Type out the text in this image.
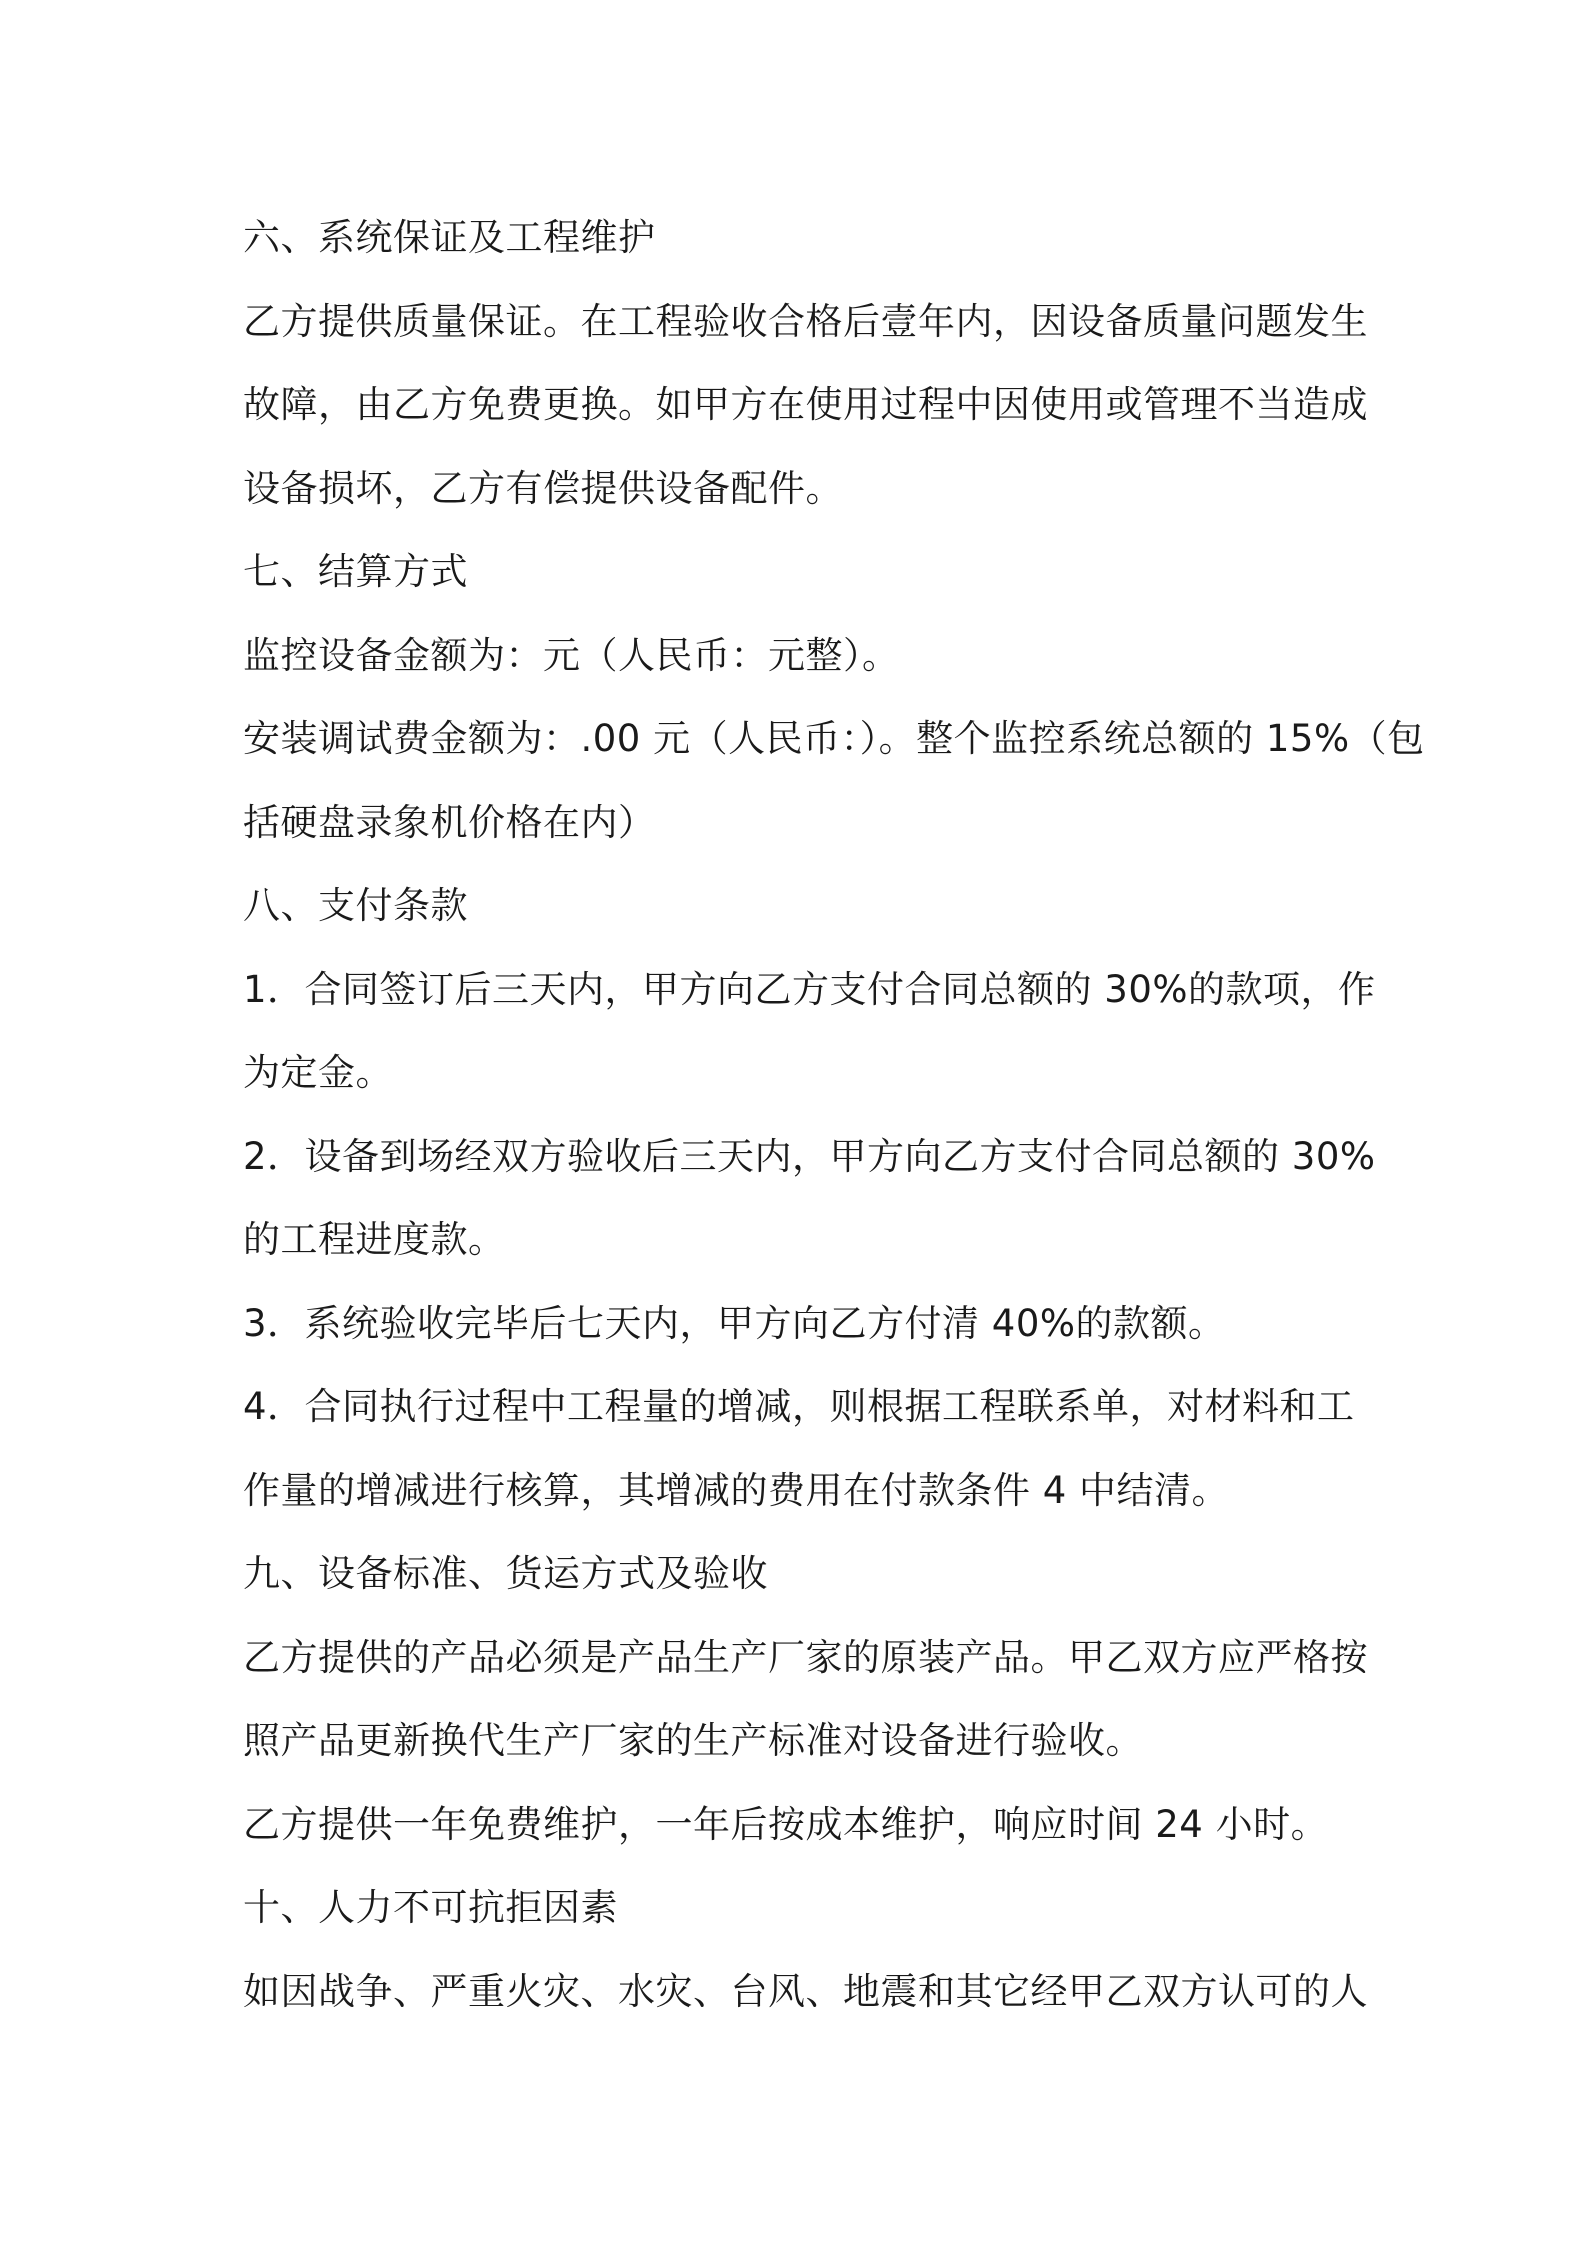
六、系统保证及工程维护
乙方提供质量保证。在工程验收合格后壹年内，因设备质量问题发生
故障，由乙方免费更换。如甲方在使用过程中因使用或管理不当造成
设备损坏，乙方有偿提供设备配件。
七、结算方式
监控设备金额为：元（人民币：元整）。
安装调试费金额为：.00 元（人民币：）。整个监控系统总额的 15%（包
括硬盘录象机价格在内）
八、支付条款
1．合同签订后三天内，甲方向乙方支付合同总额的 30%的款项，作
为定金。
2．设备到场经双方验收后三天内，甲方向乙方支付合同总额的 30%
的工程进度款。
3．系统验收完毕后七天内，甲方向乙方付清 40%的款额。
4．合同执行过程中工程量的增减，则根据工程联系单，对材料和工
作量的增减进行核算，其增减的费用在付款条件 4 中结清。
九、设备标准、货运方式及验收
乙方提供的产品必须是产品生产厂家的原装产品。甲乙双方应严格按
照产品更新换代生产厂家的生产标准对设备进行验收。
乙方提供一年免费维护，一年后按成本维护，响应时间 24 小时。
十、人力不可抗拒因素
如因战争、严重火灾、水灾、台风、地震和其它经甲乙双方认可的人
